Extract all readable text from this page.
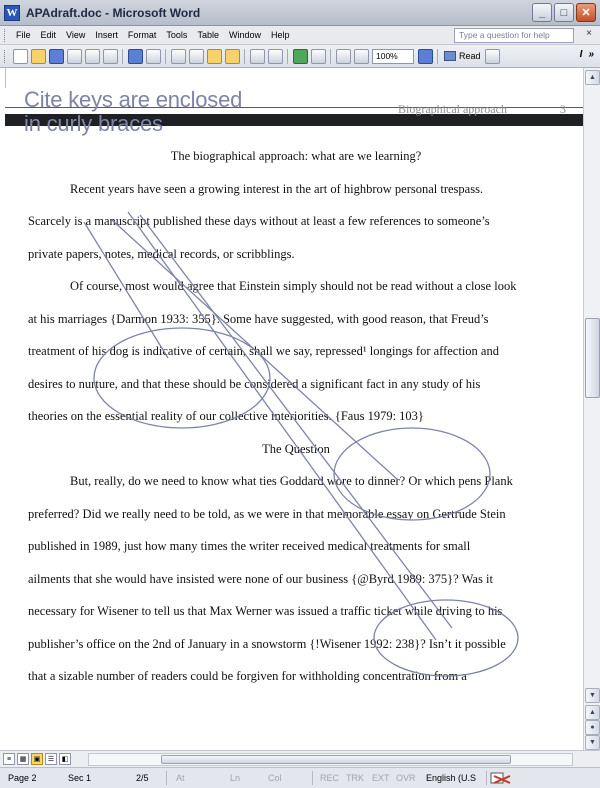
W APAdraft.doc - Microsoft Word	_	□	✕
File	Edit	View	Insert	Format	Tools	Table	Window	Help	Type a question for help	×
100%	Read	I »
Cite keys are enclosed
in curly braces
Biographical approach	3
The biographical approach: what are we learning?
Recent years have seen a growing interest in the art of highbrow personal trespass.
Scarcely is a manuscript published these days without at least a few references to someone’s
private papers, notes, medical records, or scribblings.
Of course, most would agree that Einstein simply should not be read without a close look
at his marriages {Darmon 1933: 355}. Some have suggested, with good reason, that Freud’s
treatment of his dog is indicative of certain, shall we say, repressed¹ longings for affection and
desires to nurture, and that these should be considered a significant fact in any study of his
theories on the essential reality of our collective interiorities. {Faus 1979: 103}
The Question
But, really, do we need to know what ties Goddard wore to dinner? Or which pens Plank
preferred? Did we really need to be told, as we were in that memorable essay on Gertrude Stein
published in 1989, just how many times the writer received medical treatments for small
ailments that she would have insisted were none of our business {@Byrd 1989: 375}? Was it
necessary for Wisener to tell us that Max Werner was issued a traffic ticket while driving to his
publisher’s office on the 2nd of January in a snowstorm {!Wisener 1992: 238}? Isn’t it possible
that a sizable number of readers could be forgiven for withholding concentration from a
▲
▼
▲
●
▼
≡	▦	▣	☰	◧
Page 2	Sec 1	2/5	At	Ln	Col	REC TRK EXT OVR English (U.S
